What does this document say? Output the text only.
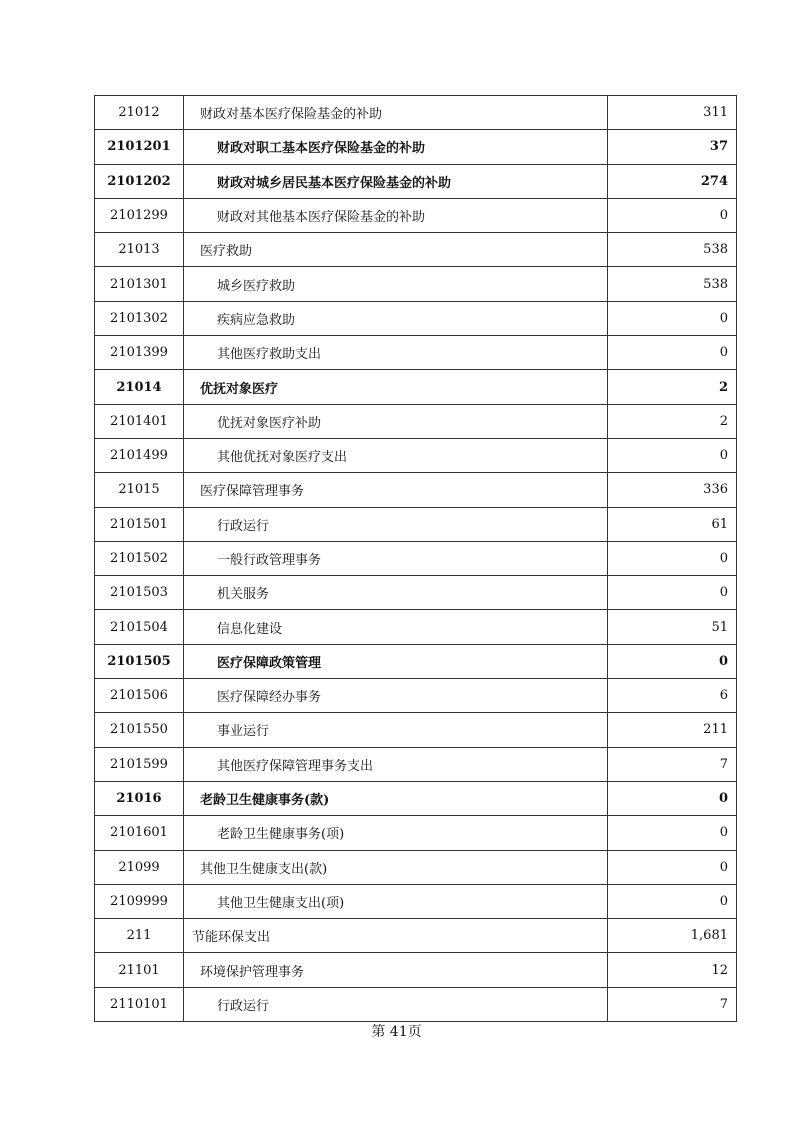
21012	财政对基本医疗保险基金的补助	311
2101201	财政对职工基本医疗保险基金的补助	37
2101202	财政对城乡居民基本医疗保险基金的补助	274
2101299	财政对其他基本医疗保险基金的补助	0
21013	医疗救助	538
2101301	城乡医疗救助	538
2101302	疾病应急救助	0
2101399	其他医疗救助支出	0
21014	优抚对象医疗	2
2101401	优抚对象医疗补助	2
2101499	其他优抚对象医疗支出	0
21015	医疗保障管理事务	336
2101501	行政运行	61
2101502	一般行政管理事务	0
2101503	机关服务	0
2101504	信息化建设	51
2101505	医疗保障政策管理	0
2101506	医疗保障经办事务	6
2101550	事业运行	211
2101599	其他医疗保障管理事务支出	7
21016	老龄卫生健康事务(款)	0
2101601	老龄卫生健康事务(项)	0
21099	其他卫生健康支出(款)	0
2109999	其他卫生健康支出(项)	0
211	节能环保支出	1,681
21101	环境保护管理事务	12
2110101	行政运行	7
第 41页
